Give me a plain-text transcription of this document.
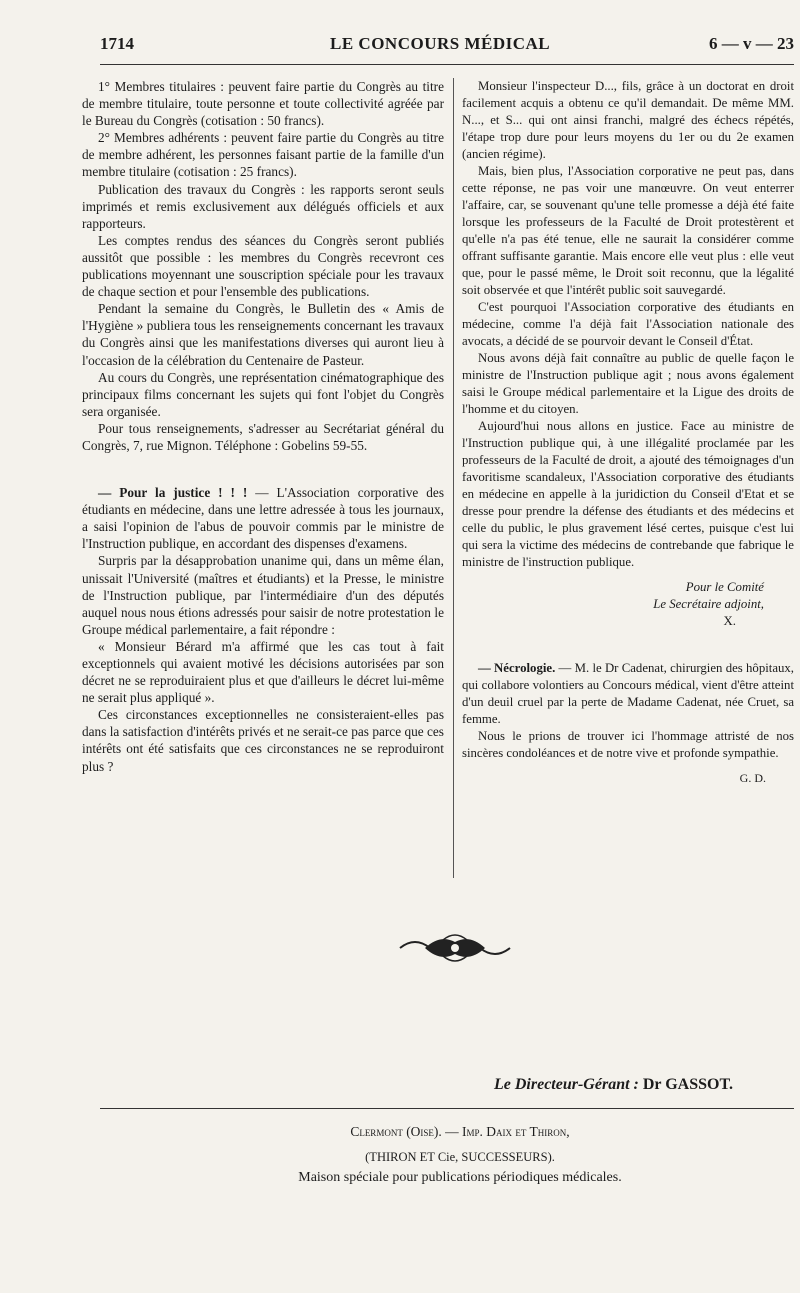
1714	LE CONCOURS MÉDICAL	6 — v — 23

1° Membres titulaires : peuvent faire partie du Congrès au titre de membre titulaire, toute personne et toute collectivité agréée par le Bureau du Congrès (cotisation : 50 francs).

2° Membres adhérents : peuvent faire partie du Congrès au titre de membre adhérent, les personnes faisant partie de la famille d'un membre titulaire (cotisation : 25 francs).

Publication des travaux du Congrès : les rapports seront seuls imprimés et remis exclusivement aux délégués officiels et aux rapporteurs.

Les comptes rendus des séances du Congrès seront publiés aussitôt que possible : les membres du Congrès recevront ces publications moyennant une souscription spéciale pour les travaux de chaque section et pour l'ensemble des publications.

Pendant la semaine du Congrès, le Bulletin des « Amis de l'Hygiène » publiera tous les renseignements concernant les travaux du Congrès ainsi que les manifestations diverses qui auront lieu à l'occasion de la célébration du Centenaire de Pasteur.

Au cours du Congrès, une représentation cinématographique des principaux films concernant les sujets qui font l'objet du Congrès sera organisée.

Pour tous renseignements, s'adresser au Secrétariat général du Congrès, 7, rue Mignon. Téléphone : Gobelins 59-55.

— Pour la justice ! ! ! — L'Association corporative des étudiants en médecine, dans une lettre adressée à tous les journaux, a saisi l'opinion de l'abus de pouvoir commis par le ministre de l'Instruction publique, en accordant des dispenses d'examens.

Surpris par la désapprobation unanime qui, dans un même élan, unissait l'Université (maîtres et étudiants) et la Presse, le ministre de l'Instruction publique, par l'intermédiaire d'un des députés auquel nous nous étions adressés pour saisir de notre protestation le Groupe médical parlementaire, a fait répondre :

« Monsieur Bérard m'a affirmé que les cas tout à fait exceptionnels qui avaient motivé les décisions autorisées par son décret ne se reproduiraient plus et que d'ailleurs le décret lui-même ne serait plus appliqué ».

Ces circonstances exceptionnelles ne consisteraient-elles pas dans la satisfaction d'intérêts privés et ne serait-ce pas parce que ces intérêts ont été satisfaits que ces circonstances ne se reproduiront plus ?

Monsieur l'inspecteur D..., fils, grâce à un doctorat en droit facilement acquis a obtenu ce qu'il demandait. De même MM. N..., et S... qui ont ainsi franchi, malgré des échecs répétés, l'étape trop dure pour leurs moyens du 1er ou du 2e examen (ancien régime).

Mais, bien plus, l'Association corporative ne peut pas, dans cette réponse, ne pas voir une manœuvre. On veut enterrer l'affaire, car, se souvenant qu'une telle promesse a déjà été faite lorsque les professeurs de la Faculté de Droit protestèrent et qu'elle n'a pas été tenue, elle ne saurait la considérer comme offrant suffisante garantie. Mais encore elle veut plus : elle veut que, pour le passé même, le Droit soit reconnu, que la légalité soit observée et que l'intérêt public soit sauvegardé.

C'est pourquoi l'Association corporative des étudiants en médecine, comme l'a déjà fait l'Association nationale des avocats, a décidé de se pourvoir devant le Conseil d'État.

Nous avons déjà fait connaître au public de quelle façon le ministre de l'Instruction publique agit ; nous avons également saisi le Groupe médical parlementaire et la Ligue des droits de l'homme et du citoyen.

Aujourd'hui nous allons en justice. Face au ministre de l'Instruction publique qui, à une illégalité proclamée par les professeurs de la Faculté de droit, a ajouté des témoignages d'un favoritisme scandaleux, l'Association corporative des étudiants en médecine en appelle à la juridiction du Conseil d'Etat et se dresse pour prendre la défense des étudiants et des médecins et celle du public, le plus gravement lésé certes, puisque c'est lui qui sera la victime des médecins de contrebande que fabrique le ministre de l'instruction publique.

Pour le Comité
Le Secrétaire adjoint,
X.

— Nécrologie. — M. le Dr Cadenat, chirurgien des hôpitaux, qui collabore volontiers au Concours médical, vient d'être atteint d'un deuil cruel par la perte de Madame Cadenat, née Cruet, sa femme.

Nous le prions de trouver ici l'hommage attristé de nos sincères condoléances et de notre vive et profonde sympathie.

G. D.
Le Directeur-Gérant : Dr GASSOT.
Clermont (Oise). — Imp. Daix et Thiron,
(THIRON ET Cie, SUCCESSEURS).
Maison spéciale pour publications périodiques médicales.
